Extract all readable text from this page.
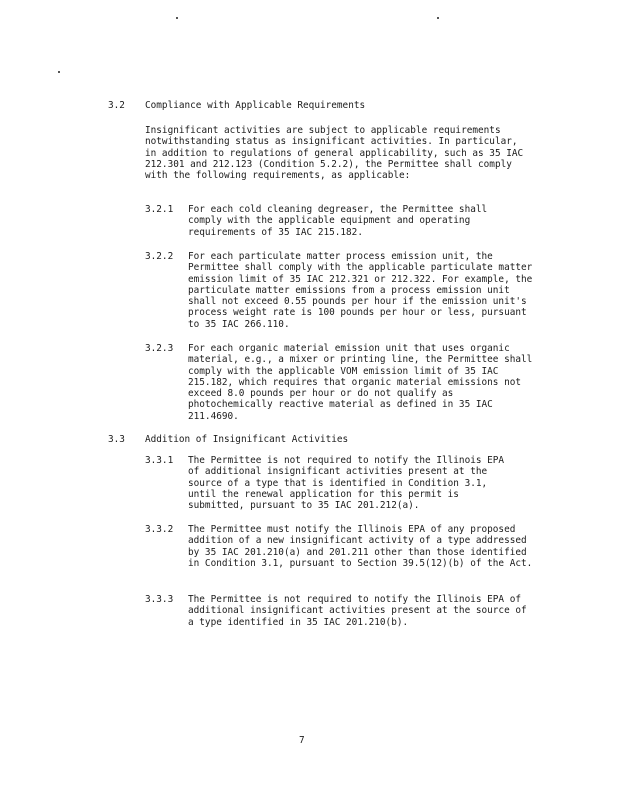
3.2 Compliance with Applicable Requirements

Insignificant activities are subject to applicable requirements notwithstanding status as insignificant activities. In particular, in addition to regulations of general applicability, such as 35 IAC 212.301 and 212.123 (Condition 5.2.2), the Permittee shall comply with the following requirements, as applicable:

3.2.1 For each cold cleaning degreaser, the Permittee shall comply with the applicable equipment and operating requirements of 35 IAC 215.182.

3.2.2 For each particulate matter process emission unit, the Permittee shall comply with the applicable particulate matter emission limit of 35 IAC 212.321 or 212.322. For example, the particulate matter emissions from a process emission unit shall not exceed 0.55 pounds per hour if the emission unit's process weight rate is 100 pounds per hour or less, pursuant to 35 IAC 266.110.

3.2.3 For each organic material emission unit that uses organic material, e.g., a mixer or printing line, the Permittee shall comply with the applicable VOM emission limit of 35 IAC 215.182, which requires that organic material emissions not exceed 8.0 pounds per hour or do not qualify as photochemically reactive material as defined in 35 IAC 211.4690.

3.3 Addition of Insignificant Activities
3.3.1 The Permittee is not required to notify the Illinois EPA of additional insignificant activities present at the source of a type that is identified in Condition 3.1, until the renewal application for this permit is submitted, pursuant to 35 IAC 201.212(a).

3.3.2 The Permittee must notify the Illinois EPA of any proposed addition of a new insignificant activity of a type addressed by 35 IAC 201.210(a) and 201.211 other than those identified in Condition 3.1, pursuant to Section 39.5(12)(b) of the Act.

3.3.3 The Permittee is not required to notify the Illinois EPA of additional insignificant activities present at the source of a type identified in 35 IAC 201.210(b).

7
